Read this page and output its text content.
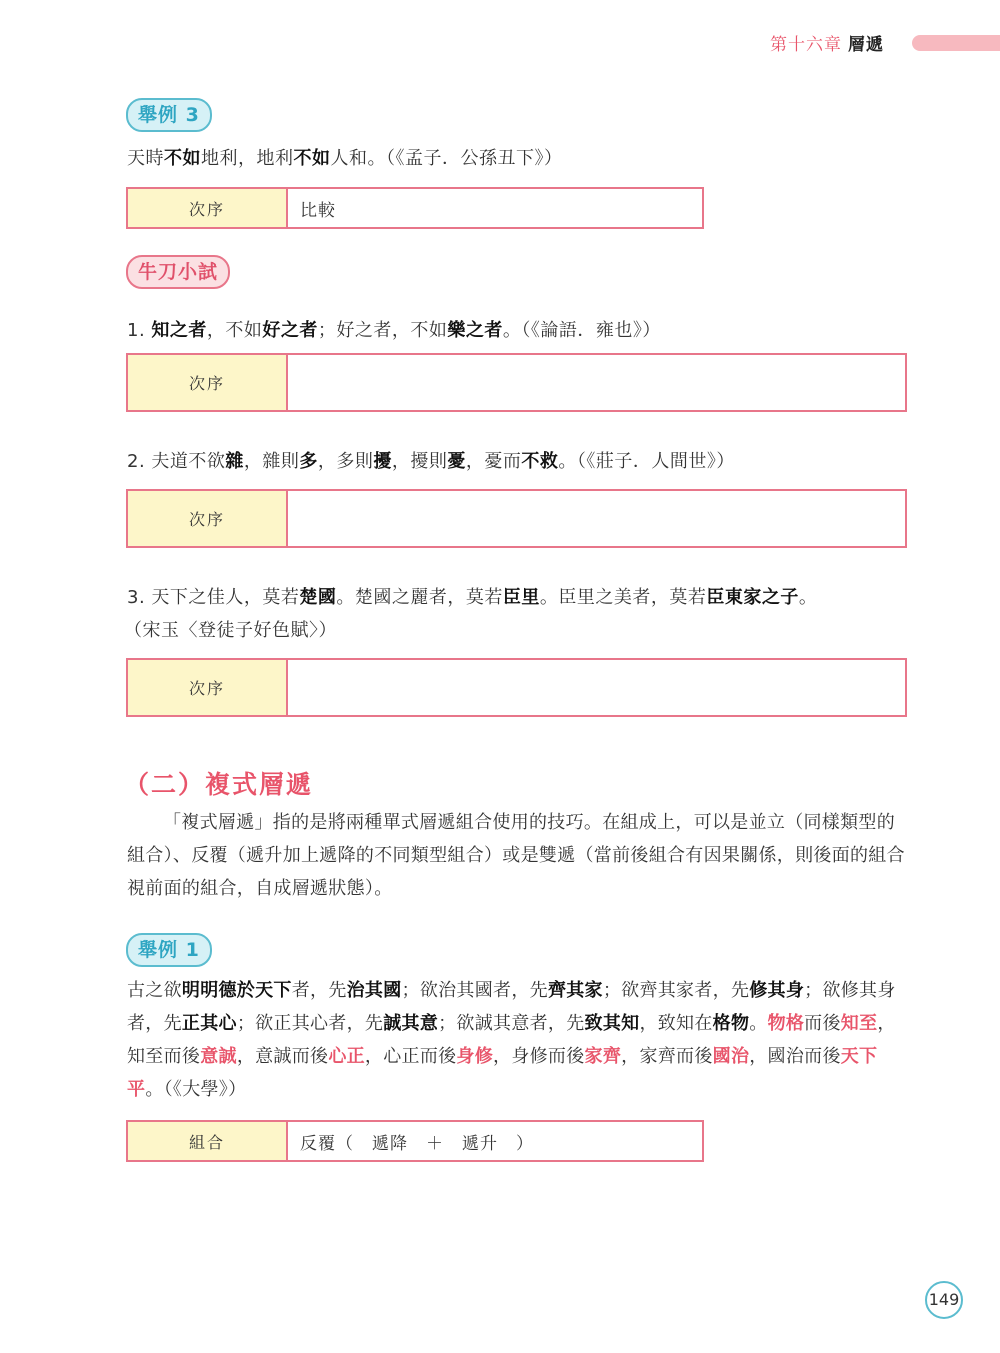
第十六章 層遞
舉例 3
天時不如地利，地利不如人和。（《孟子．公孫丑下》）
次序	比較
牛刀小試
1. 知之者，不如好之者；好之者，不如樂之者。（《論語．雍也》）
次序
2. 夫道不欲雜，雜則多，多則擾，擾則憂，憂而不救。（《莊子．人間世》）
次序
3. 天下之佳人，莫若楚國。楚國之麗者，莫若臣里。臣里之美者，莫若臣東家之子。
（宋玉〈登徒子好色賦〉）
次序
（二）複式層遞
「複式層遞」指的是將兩種單式層遞組合使用的技巧。在組成上，可以是並立（同樣類型的組合）、反覆（遞升加上遞降的不同類型組合）或是雙遞（當前後組合有因果關係，則後面的組合視前面的組合，自成層遞狀態）。
舉例 1
古之欲明明德於天下者，先治其國；欲治其國者，先齊其家；欲齊其家者，先修其身；欲修其身者，先正其心；欲正其心者，先誠其意；欲誠其意者，先致其知，致知在格物。物格而後知至，知至而後意誠，意誠而後心正，心正而後身修，身修而後家齊，家齊而後國治，國治而後天下平。（《大學》）
組合	反覆（　遞降　＋　遞升　）
149
